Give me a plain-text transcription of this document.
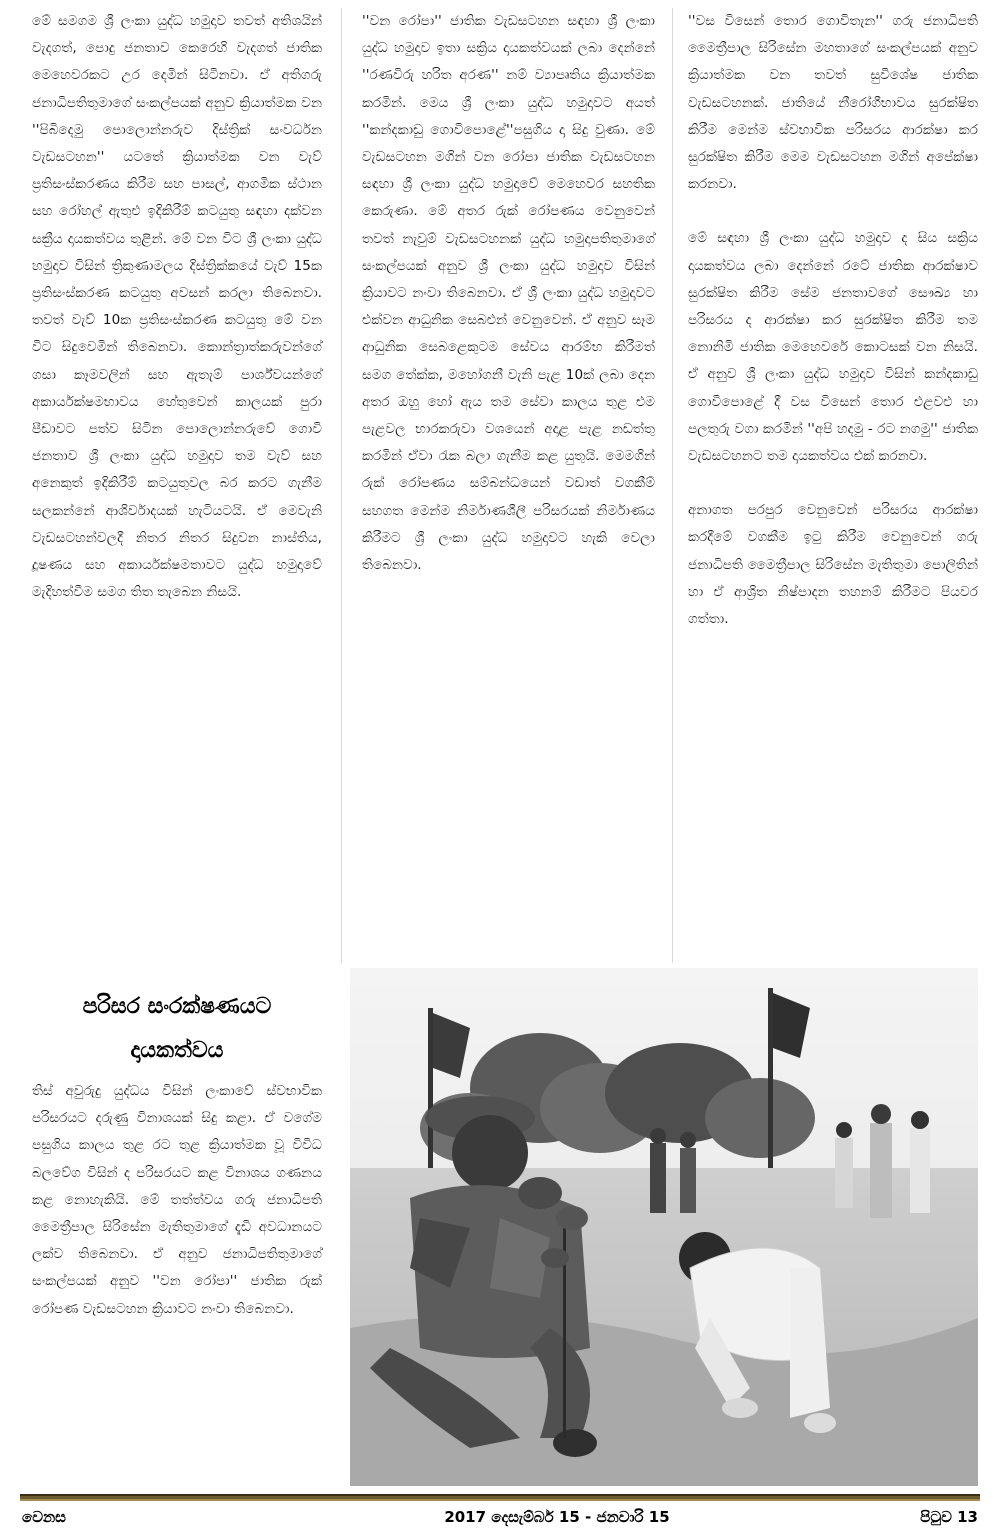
මේ සමගම ශ්‍රී ලංකා යුද්ධ හමුදාව තවත් අතිශයින් වැදගත්, පොදු ජනතාව කෙරෙහි වැදගත් ජාතික මෙහෙවරකට උර දෙමින් සිටිනවා. ඒ අතිගරු ජනාධිපතිතුමාගේ සංකල්පයක් අනුව ක්‍රියාත්මක වන ''පිබිදෙමු පොලොන්නරුව දිස්ත්‍රික් සංවර්ධන වැඩසටහන'' යටතේ ක්‍රියාත්මක වන වැව් ප්‍රතිසංස්කරණය කිරීම සහ පාසල්, ආගමික ස්ථාන සහ රෝහල් ඇතුළු ඉදිකිරීම් කටයුතු සඳහා දක්වන සක්‍රීය දායකත්වය තුළින්. මේ වන විට ශ්‍රී ලංකා යුද්ධ හමුදාව විසින් ත්‍රිකුණාමලය දිස්ත්‍රික්කයේ වැව් 15ක ප්‍රතිසංස්කරණ කටයුතු අවසන් කරලා තිබෙනවා. තවත් වැව් 10ක ප්‍රතිසංස්කරණ කටයුතු මේ වන විට සිදුවෙමින් තිබෙනවා. කොන්ත්‍රාත්කරුවන්ගේ ගසා කෑමවලින් සහ ඇතැම් පාර්ශ්වයන්ගේ අකාර්යක්ෂමභාවය හේතුවෙන් කාලයක් පුරා පීඩාවට පත්ව සිටින පොලොන්නරුවේ ගොවි ජනතාව ශ්‍රී ලංකා යුද්ධ හමුදාව තම වැව් සහ අනෙකුත් ඉදිකිරීම් කටයුතුවල බර කරට ගැනීම සලකන්නේ ආශිර්වාදයක් හැටියටයි. ඒ මෙවැනි වැඩසටහන්වලදී නිතර නිතර සිදුවන නාස්තිය, දූෂණය සහ අකාර්යක්ෂමතාවට යුද්ධ හමුදාවේ මැදිහත්වීම සමග තිත තැබෙන නිසයි.

''වන රෝපා'' ජාතික වැඩසටහන සඳහා ශ්‍රී ලංකා යුද්ධ හමුදාව ඉතා සක්‍රිය දායකත්වයක් ලබා දෙන්නේ ''රණවිරු හරිත අරණ'' නම් ව්‍යාපෘතිය ක්‍රියාත්මක කරමින්. මෙය ශ්‍රී ලංකා යුද්ධ හමුදාවට අයත් ''කන්දකාඩු ගොවිපොළේ''පසුගිය දා සිදු වුණා. මේ වැඩසටහන මගින් වන රෝපා ජාතික වැඩසටහන සඳහා ශ්‍රී ලංකා යුද්ධ හමුදාවේ මෙහෙවර සහතික කෙරුණා. මේ අතර රුක් රෝපණය වෙනුවෙන් තවත් නැවුම් වැඩසටහනක් යුද්ධ හමුදාපතිතුමාගේ සංකල්පයක් අනුව ශ්‍රී ලංකා යුද්ධ හමුදාව විසින් ක්‍රියාවට නංවා තිබෙනවා. ඒ ශ්‍රී ලංකා යුද්ධ හමුදාවට එක්වන ආධුනික සෙබළුන් වෙනුවෙන්. ඒ අනුව සෑම ආධුනික සෙබළෙකුටම සේවය ආරම්භ කිරීමත් සමග තේක්ක, මහෝගනී වැනි පැළ 10ක් ලබා දෙන අතර ඔහු හෝ ඇය තම සේවා කාලය තුළ එම පැළවල භාරකරුවා වශයෙන් අදාළ පැළ නඩත්තු කරමින් ඒවා රැක බලා ගැනීම කළ යුතුයි. මෙමගින් රුක් රෝපණය සම්බන්ධයෙන් වඩාත් වගකීම් සහගත මෙන්ම නිර්මාණශීලී පරිසරයක් නිර්මාණය කිරීමට ශ්‍රී ලංකා යුද්ධ හමුදාවට හැකි වෙලා තිබෙනවා.

''වස විසෙන් තොර ගොවිතැන'' ගරු ජනාධිපති මෛත්‍රීපාල සිරිසේන මහතාගේ සංකල්පයක් අනුව ක්‍රියාත්මක වන තවත් සුවිශේෂ ජාතික වැඩසටහනක්. ජාතියේ නීරෝගීභාවය සුරක්ෂිත කිරීම මෙන්ම ස්වභාවික පරිසරය ආරක්ෂා කර සුරක්ෂිත කිරීම මෙම වැඩසටහන මගින් අපේක්ෂා කරනවා.

මේ සඳහා ශ්‍රී ලංකා යුද්ධ හමුදාව ද සිය සක්‍රිය දායකත්වය ලබා දෙන්නේ රටේ ජාතික ආරක්ෂාව සුරක්ෂිත කිරීම සේම ජනතාවගේ සෞඛ්‍ය හා පරිසරය ද ආරක්ෂා කර සුරක්ෂිත කිරීම තම නොනිමි ජාතික මෙහෙවරේ කොටසක් වන නිසයි. ඒ අනුව ශ්‍රී ලංකා යුද්ධ හමුදාව විසින් කන්දකාඩු ගොවිපොළේ දී වස විසෙන් තොර එළවළු හා පලතුරු වගා කරමින් ''අපි හදමු - රට නගමු'' ජාතික වැඩසටහනට තම දායකත්වය එක් කරනවා.

අනාගත පරපුර වෙනුවෙන් පරිසරය ආරක්ෂා කරදීමේ වගකීම ඉටු කිරීම වෙනුවෙන් ගරු ජනාධිපති මෛත්‍රීපාල සිරිසේන මැතිතුමා පොලිතින් හා ඒ ආශ්‍රිත නිෂ්පාදන තහනම් කිරීමට පියවර ගත්තා.

පරිසර සංරක්ෂණයට
දායකත්වය

තිස් අවුරුදු යුද්ධය විසින් ලංකාවේ ස්වභාවික පරිසරයට දරුණු විනාශයක් සිදු කළා. ඒ වගේම පසුගිය කාලය තුළ රට තුළ ක්‍රියාත්මක වූ විවිධ බලවේග විසින් ද පරිසරයට කළ විනාශය ගණනය කළ නොහැකියි. මේ තත්ත්වය ගරු ජනාධිපති මෛත්‍රීපාල සිරිසේන මැතිතුමාගේ දැඩි අවධානයට ලක්ව තිබෙනවා. ඒ අනුව ජනාධිපතිතුමාගේ සංකල්පයක් අනුව ''වන රෝපා'' ජාතික රුක් රෝපණ වැඩසටහන ක්‍රියාවට නංවා තිබෙනවා.

වෙනස	2017 දෙසැම්බර් 15 - ජනවාරි 15	පිටුව 13
